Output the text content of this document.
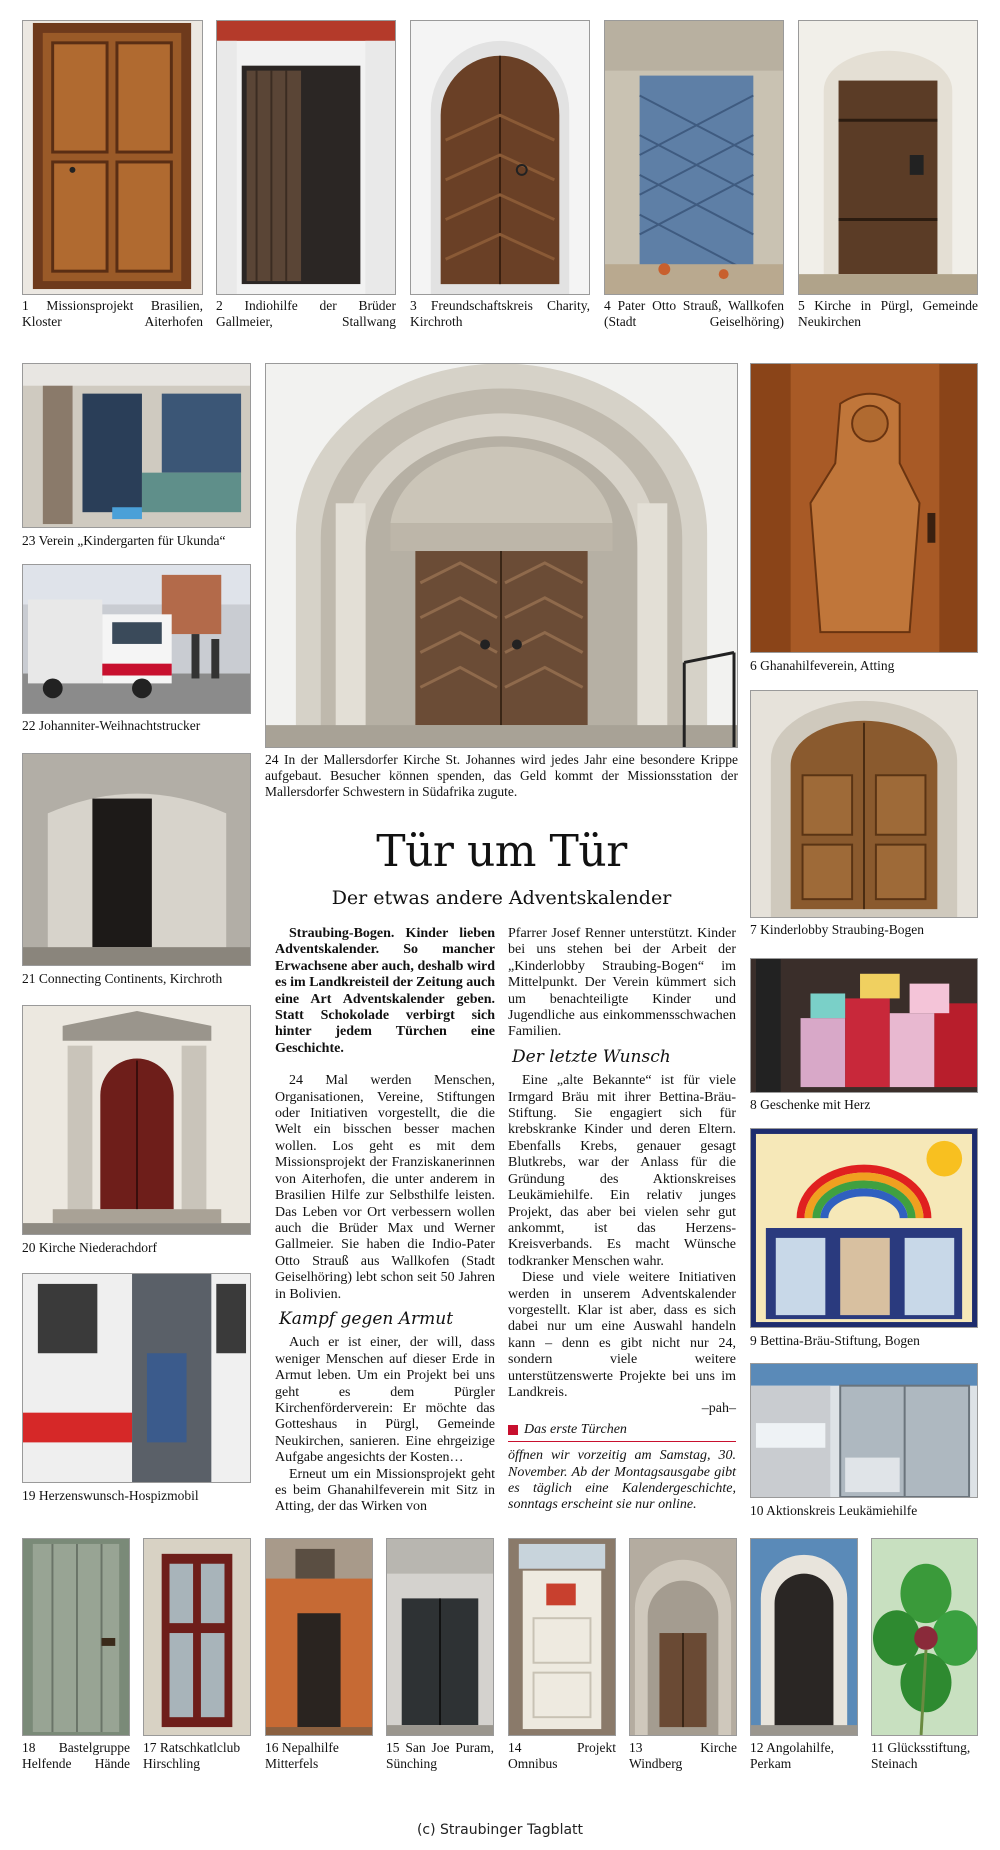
1 Missionsprojekt Brasilien, Kloster Aiterhofen
2 Indiohilfe der Brüder Gallmeier, Stallwang
3 Freundschaftskreis Charity, Kirchroth
4 Pater Otto Strauß, Wallkofen (Stadt Geiselhöring)
5 Kirche in Pürgl, Gemeinde Neukirchen
23 Verein „Kindergarten für Ukunda“
22 Johanniter-Weihnachtstrucker
21 Connecting Continents, Kirchroth
20 Kirche Niederachdorf
19 Herzenswunsch-Hospizmobil
24 In der Mallersdorfer Kirche St. Johannes wird jedes Jahr eine besondere Krippe aufgebaut. Besucher können spenden, das Geld kommt der Missionsstation der Mallersdorfer Schwestern in Südafrika zugute.
Tür um Tür
Der etwas andere Adventskalender

Straubing-Bogen. Kinder lieben Adventskalender. So mancher Erwachsene aber auch, deshalb wird es im Landkreisteil der Zeitung auch eine Art Adventskalender geben. Statt Schokolade verbirgt sich hinter jedem Türchen eine Geschichte.

24 Mal werden Menschen, Organisationen, Vereine, Stiftungen oder Initiativen vorgestellt, die die Welt ein bisschen besser machen wollen. Los geht es mit dem Missionsprojekt der Franziskanerinnen von Aiterhofen, die unter anderem in Brasilien Hilfe zur Selbsthilfe leisten. Das Leben vor Ort verbessern wollen auch die Brüder Max und Werner Gallmeier. Sie haben die Indio-Pater Otto Strauß aus Wallkofen (Stadt Geiselhöring) lebt schon seit 50 Jahren in Bolivien.

Kampf gegen Armut

Auch er ist einer, der will, dass weniger Menschen auf dieser Erde in Armut leben. Um ein Projekt bei uns geht es dem Pürgler Kirchenförderverein: Er möchte das Gotteshaus in Pürgl, Gemeinde Neukirchen, sanieren. Eine ehrgeizige Aufgabe angesichts der Kosten…

Erneut um ein Missionsprojekt geht es beim Ghanahilfeverein mit Sitz in Atting, der das Wirken von

Pfarrer Josef Renner unterstützt. Kinder bei uns stehen bei der Arbeit der „Kinderlobby Straubing-Bogen“ im Mittelpunkt. Der Verein kümmert sich um benachteiligte Kinder und Jugendliche aus einkommensschwachen Familien.

Der letzte Wunsch

Eine „alte Bekannte“ ist für viele Irmgard Bräu mit ihrer Bettina-Bräu-Stiftung. Sie engagiert sich für krebskranke Kinder und deren Eltern. Ebenfalls Krebs, genauer gesagt Blutkrebs, war der Anlass für die Gründung des Aktionskreises Leukämiehilfe. Ein relativ junges Projekt, das aber bei vielen sehr gut ankommt, ist das Herzens-Kreisverbands. Es macht Wünsche todkranker Menschen wahr.

Diese und viele weitere Initiativen werden in unserem Adventskalender vorgestellt. Klar ist aber, dass es sich dabei nur um eine Auswahl handeln kann – denn es gibt nicht nur 24, sondern viele weitere unterstützenswerte Projekte bei uns im Landkreis.

–pah–

Das erste Türchen

öffnen wir vorzeitig am Samstag, 30. November. Ab der Montagsausgabe gibt es täglich eine Kalendergeschichte, sonntags erscheint sie nur online.

6 Ghanahilfeverein, Atting
7 Kinderlobby Straubing-Bogen
8 Geschenke mit Herz
9 Bettina-Bräu-Stiftung, Bogen
10 Aktionskreis Leukämiehilfe
18 Bastelgruppe Helfende Hände
17 Ratschkatlclub Hirschling
16 Nepalhilfe Mitterfels
15 San Joe Puram, Sünching
14	Projekt Omnibus
13	Kirche Windberg
12 Angolahilfe, Perkam
11 Glücksstiftung, Steinach
(c) Straubinger Tagblatt
